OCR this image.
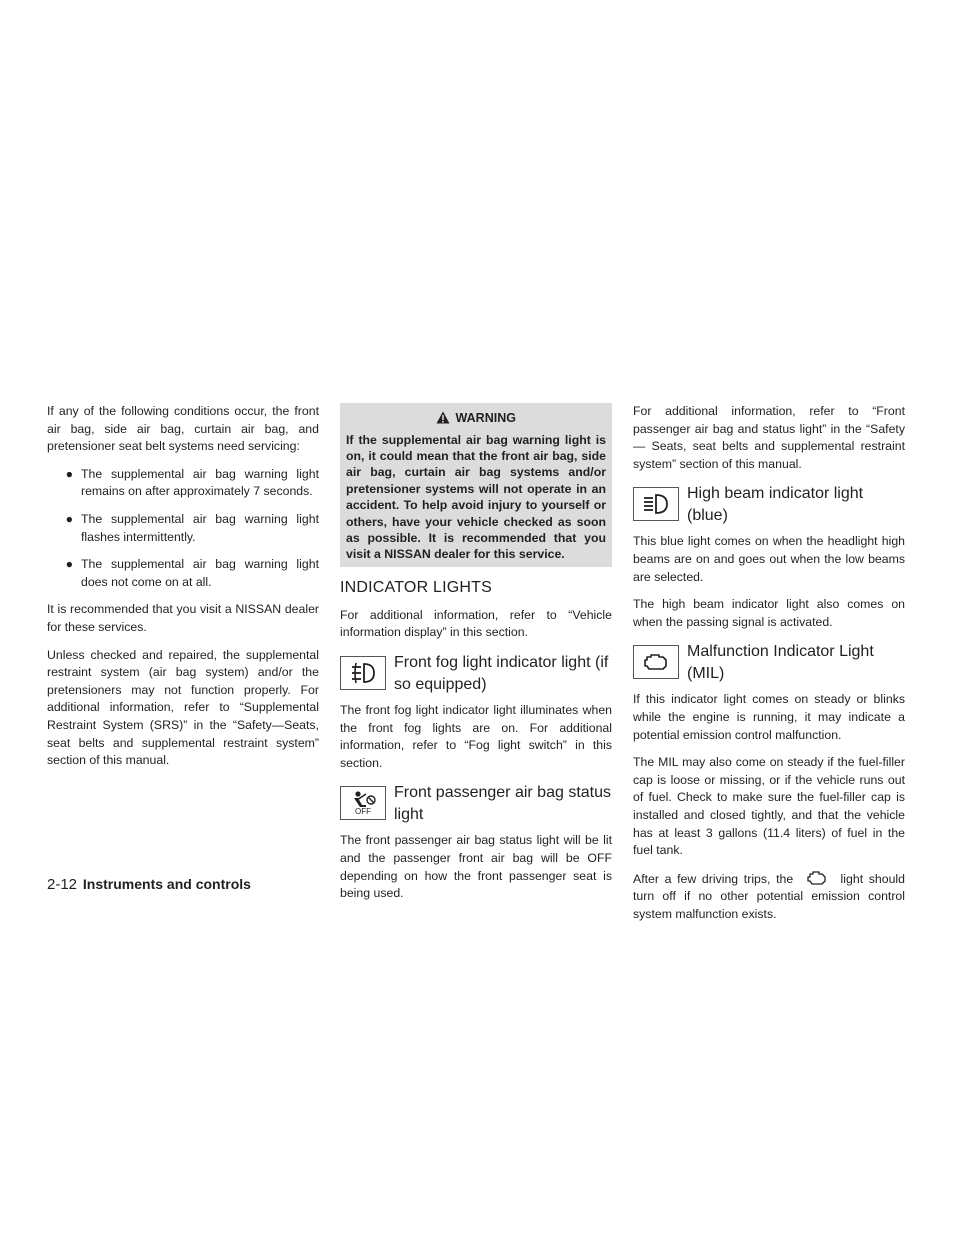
If any of the following conditions occur, the front air bag, side air bag, curtain air bag, and pretensioner seat belt systems need servicing:

● The supplemental air bag warning light remains on after approximately 7 seconds.
● The supplemental air bag warning light flashes intermittently.
● The supplemental air bag warning light does not come on at all.

It is recommended that you visit a NISSAN dealer for these services.

Unless checked and repaired, the supplemental restraint system (air bag system) and/or the pretensioners may not function properly. For additional information, refer to “Supplemental Restraint System (SRS)” in the “Safety—Seats, seat belts and supplemental restraint system” section of this manual.

WARNING
If the supplemental air bag warning light is on, it could mean that the front air bag, side air bag, curtain air bag systems and/or pretensioner systems will not operate in an accident. To help avoid injury to yourself or others, have your vehicle checked as soon as possible. It is recommended that you visit a NISSAN dealer for this service.
INDICATOR LIGHTS

For additional information, refer to “Vehicle information display” in this section.

Front fog light indicator light (if so equipped)

The front fog light indicator light illuminates when the front fog lights are on. For additional information, refer to “Fog light switch” in this section.

OFF
Front passenger air bag status light

The front passenger air bag status light will be lit and the passenger front air bag will be OFF depending on how the front passenger seat is being used.

For additional information, refer to “Front passenger air bag and status light” in the “Safety — Seats, seat belts and supplemental restraint system” section of this manual.

High beam indicator light (blue)

This blue light comes on when the headlight high beams are on and goes out when the low beams are selected.

The high beam indicator light also comes on when the passing signal is activated.

Malfunction Indicator Light (MIL)

If this indicator light comes on steady or blinks while the engine is running, it may indicate a potential emission control malfunction.

The MIL may also come on steady if the fuel-filler cap is loose or missing, or if the vehicle runs out of fuel. Check to make sure the fuel-filler cap is installed and closed tightly, and that the vehicle has at least 3 gallons (11.4 liters) of fuel in the fuel tank.

After a few driving trips, the	light should turn off if no other potential emission control system malfunction exists.

2-12 Instruments and controls
